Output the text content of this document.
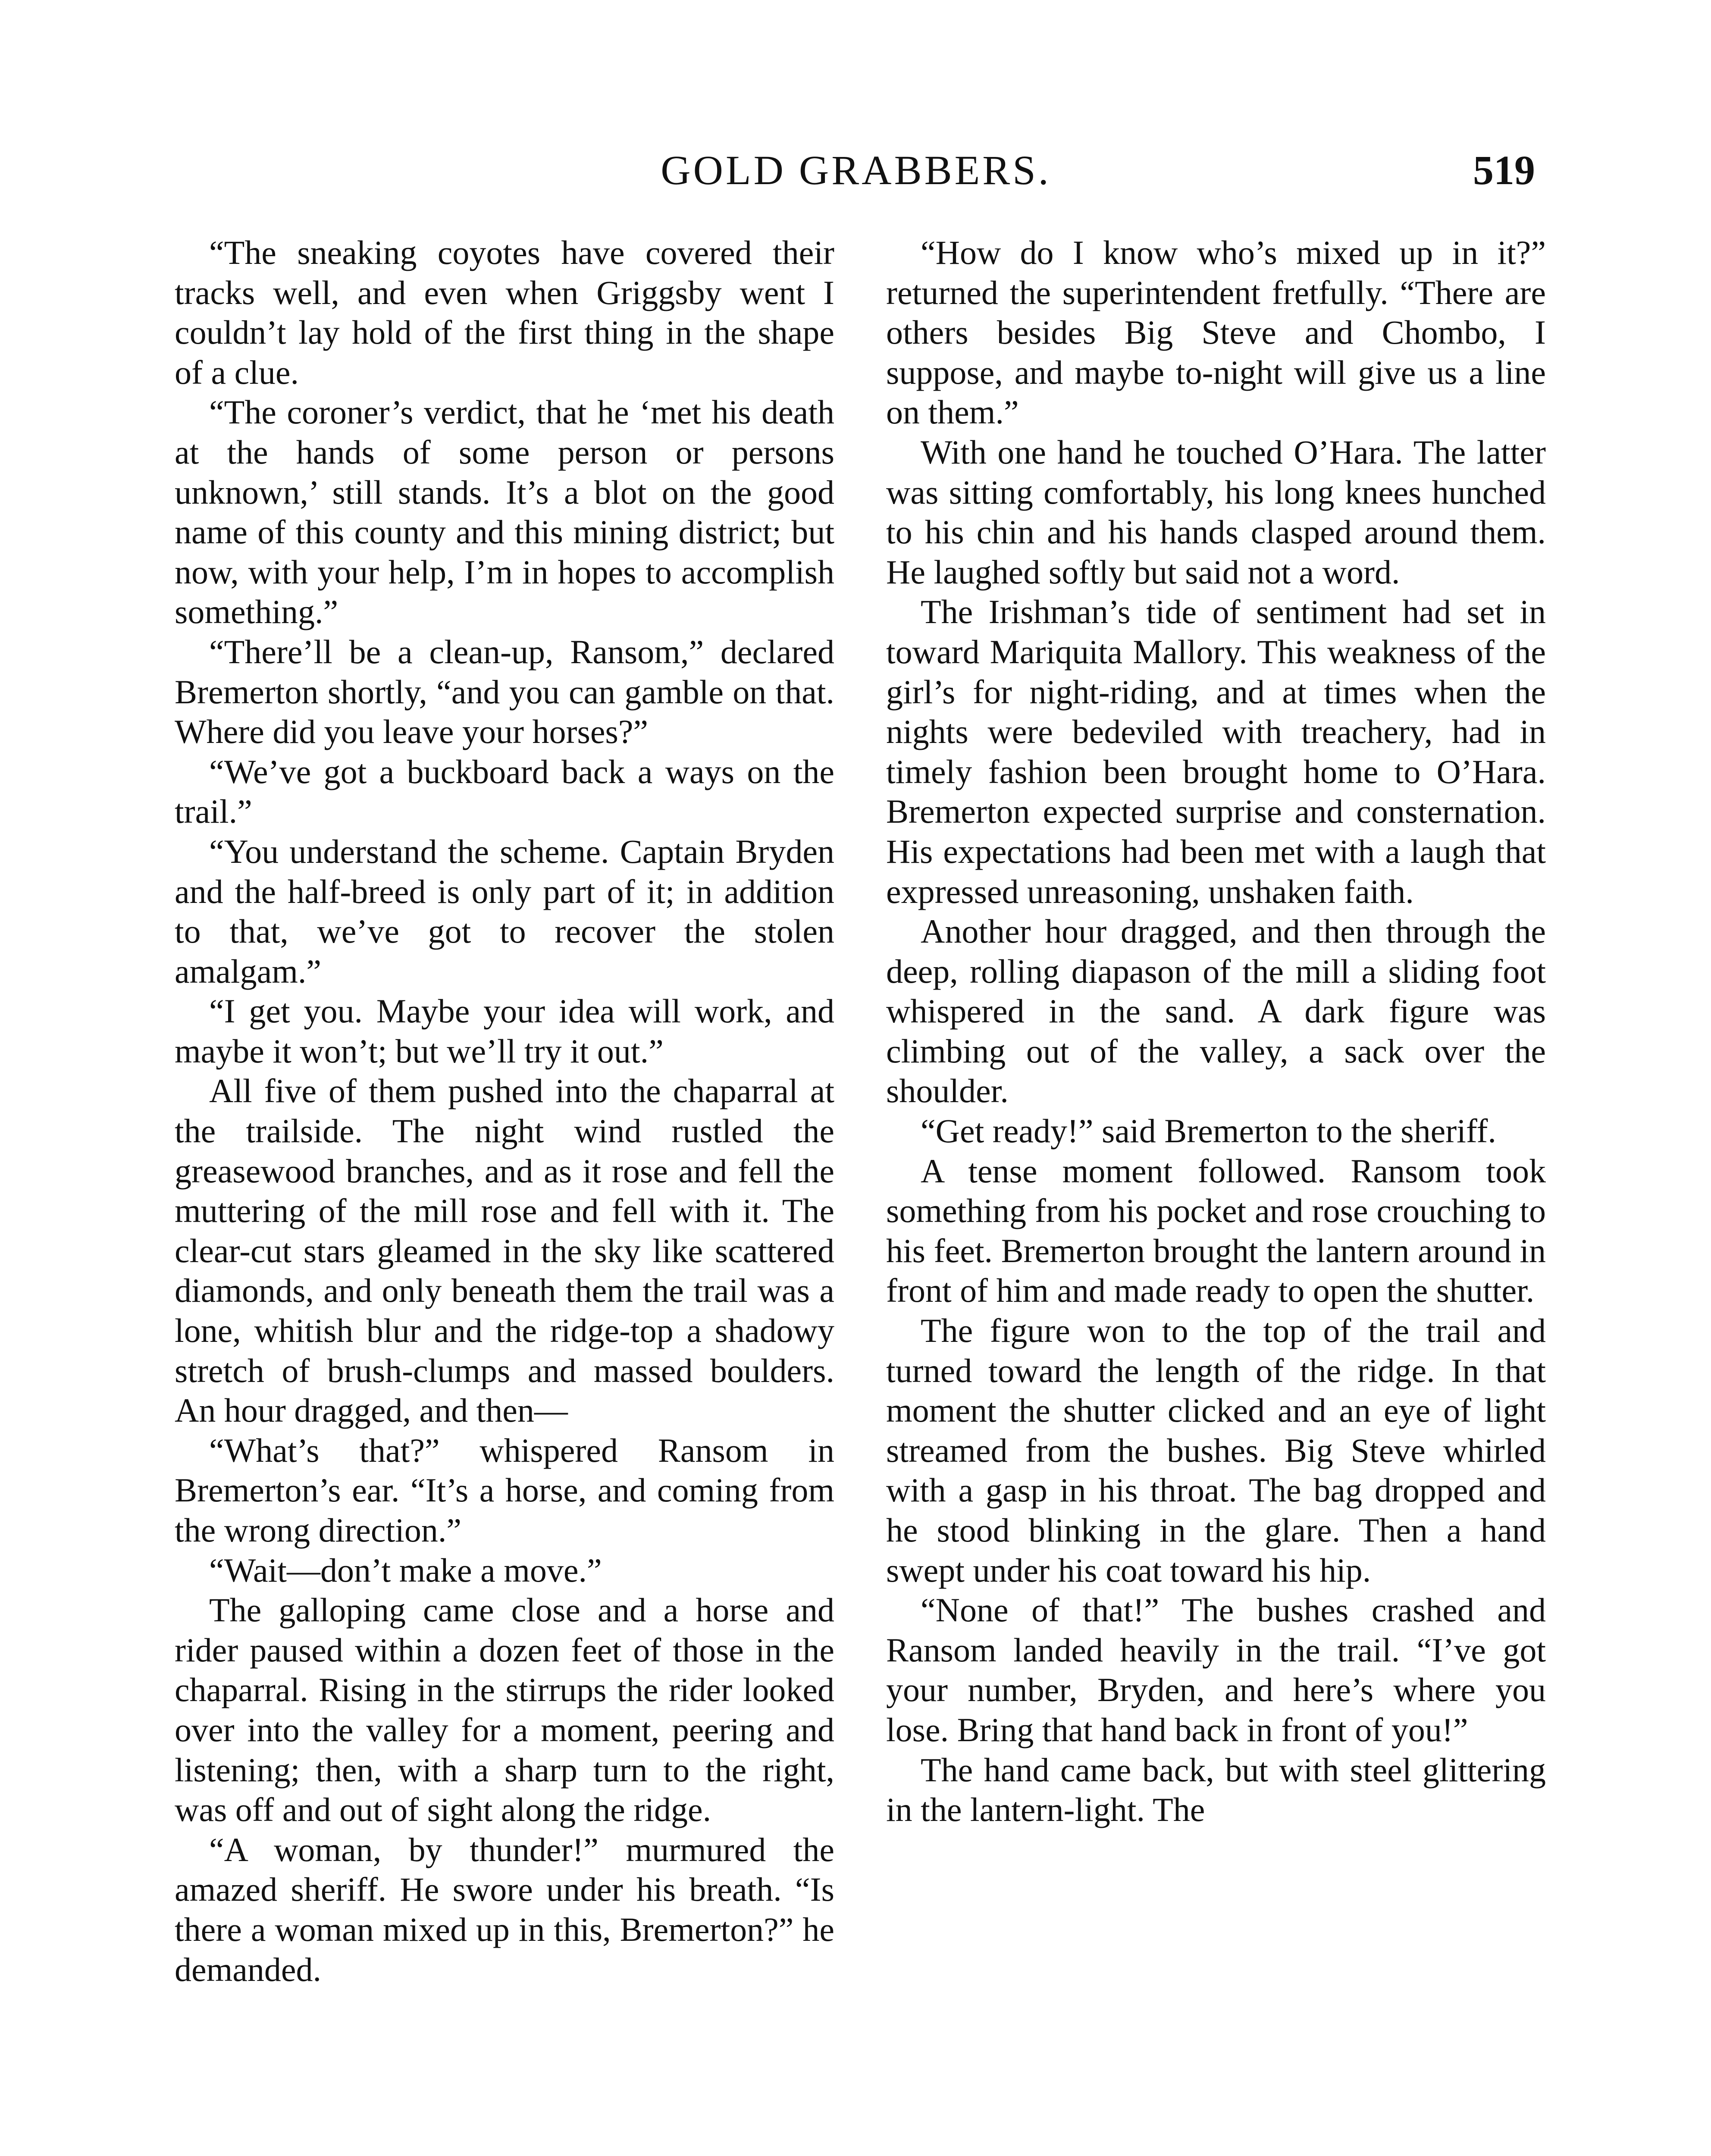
GOLD GRABBERS.	519

“The sneaking coyotes have covered their tracks well, and even when Griggsby went I couldn’t lay hold of the first thing in the shape of a clue.

“The coroner’s verdict, that he ‘met his death at the hands of some person or persons unknown,’ still stands. It’s a blot on the good name of this county and this mining district; but now, with your help, I’m in hopes to accomplish something.”

“There’ll be a clean-up, Ransom,” declared Bremerton shortly, “and you can gamble on that. Where did you leave your horses?”

“We’ve got a buckboard back a ways on the trail.”

“You understand the scheme. Captain Bryden and the half-breed is only part of it; in addition to that, we’ve got to recover the stolen amalgam.”

“I get you. Maybe your idea will work, and maybe it won’t; but we’ll try it out.”

All five of them pushed into the chaparral at the trailside. The night wind rustled the greasewood branches, and as it rose and fell the muttering of the mill rose and fell with it. The clear-cut stars gleamed in the sky like scattered diamonds, and only beneath them the trail was a lone, whitish blur and the ridge-top a shadowy stretch of brush-clumps and massed boulders. An hour dragged, and then—

“What’s that?” whispered Ransom in Bremerton’s ear. “It’s a horse, and coming from the wrong direction.”

“Wait—don’t make a move.”

The galloping came close and a horse and rider paused within a dozen feet of those in the chaparral. Rising in the stirrups the rider looked over into the valley for a moment, peering and listening; then, with a sharp turn to the right, was off and out of sight along the ridge.

“A woman, by thunder!” murmured the amazed sheriff. He swore under his breath. “Is there a woman mixed up in this, Bremerton?” he demanded.

“How do I know who’s mixed up in it?” returned the superintendent fretfully. “There are others besides Big Steve and Chombo, I suppose, and maybe to-night will give us a line on them.”

With one hand he touched O’Hara. The latter was sitting comfortably, his long knees hunched to his chin and his hands clasped around them. He laughed softly but said not a word.

The Irishman’s tide of sentiment had set in toward Mariquita Mallory. This weakness of the girl’s for night-riding, and at times when the nights were bedeviled with treachery, had in timely fashion been brought home to O’Hara. Bremerton expected surprise and consternation. His expectations had been met with a laugh that expressed unreasoning, unshaken faith.

Another hour dragged, and then through the deep, rolling diapason of the mill a sliding foot whispered in the sand. A dark figure was climbing out of the valley, a sack over the shoulder.

“Get ready!” said Bremerton to the sheriff.

A tense moment followed. Ransom took something from his pocket and rose crouching to his feet. Bremerton brought the lantern around in front of him and made ready to open the shutter.

The figure won to the top of the trail and turned toward the length of the ridge. In that moment the shutter clicked and an eye of light streamed from the bushes. Big Steve whirled with a gasp in his throat. The bag dropped and he stood blinking in the glare. Then a hand swept under his coat toward his hip.

“None of that!” The bushes crashed and Ransom landed heavily in the trail. “I’ve got your number, Bryden, and here’s where you lose. Bring that hand back in front of you!”

The hand came back, but with steel glittering in the lantern-light. The
